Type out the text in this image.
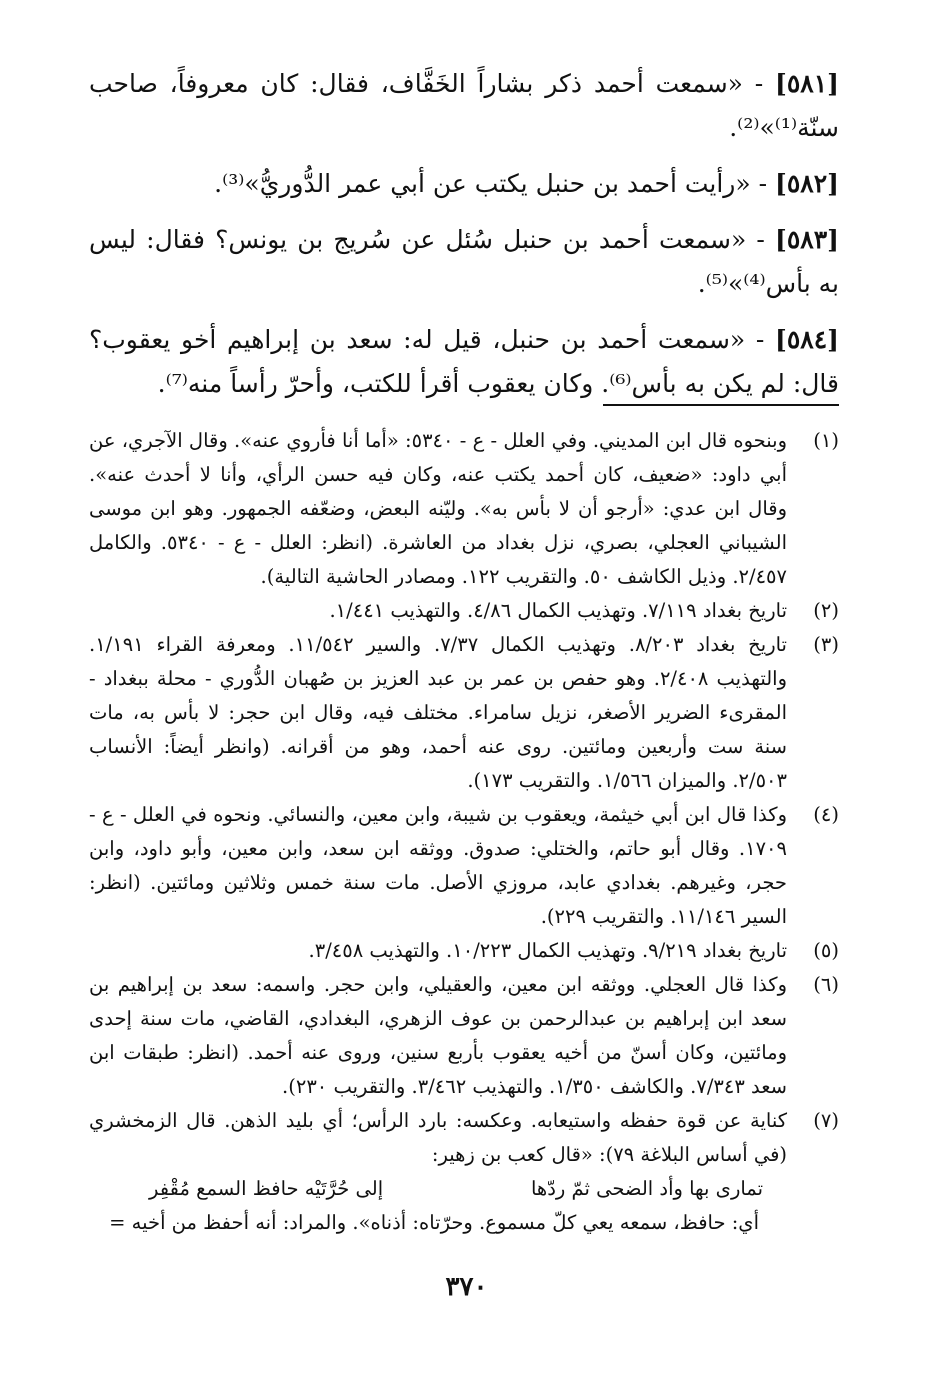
[٥٨١] - «سمعت أحمد ذكر بشاراً الخَفَّاف، فقال: كان معروفاً، صاحب سنّة⁽¹⁾»⁽²⁾.

[٥٨٢] - «رأيت أحمد بن حنبل يكتب عن أبي عمر الدُّوريُّ»⁽³⁾.

[٥٨٣] - «سمعت أحمد بن حنبل سُئل عن سُريج بن يونس؟ فقال: ليس به بأس⁽⁴⁾»⁽⁵⁾.

[٥٨٤] - «سمعت أحمد بن حنبل، قيل له: سعد بن إبراهيم أخو يعقوب؟ قال: لم يكن به بأس⁽⁶⁾. وكان يعقوب أقرأ للكتب، وأحرّ رأساً منه⁽⁷⁾.

(١)
وبنحوه قال ابن المديني. وفي العلل - ع - ٥٣٤٠: «أما أنا فأروي عنه». وقال الآجري، عن أبي داود: «ضعيف، كان أحمد يكتب عنه، وكان فيه حسن الرأي، وأنا لا أحدث عنه». وقال ابن عدي: «أرجو أن لا بأس به». وليّنه البعض، وضعّفه الجمهور. وهو ابن موسى الشيباني العجلي، بصري، نزل بغداد من العاشرة. (انظر: العلل - ع - ٥٣٤٠. والكامل ٢/٤٥٧. وذيل الكاشف ٥٠. والتقريب ١٢٢. ومصادر الحاشية التالية).

(٢)
تاريخ بغداد ٧/١١٩. وتهذيب الكمال ٤/٨٦. والتهذيب ١/٤٤١.

(٣)
تاريخ بغداد ٨/٢٠٣. وتهذيب الكمال ٧/٣٧. والسير ١١/٥٤٢. ومعرفة القراء ١/١٩١. والتهذيب ٢/٤٠٨. وهو حفص بن عمر بن عبد العزيز بن صُهبان الدُّوري - محلة ببغداد - المقرىء الضرير الأصغر، نزيل سامراء. مختلف فيه، وقال ابن حجر: لا بأس به، مات سنة ست وأربعين ومائتين. روى عنه أحمد، وهو من أقرانه. (وانظر أيضاً: الأنساب ٢/٥٠٣. والميزان ١/٥٦٦. والتقريب ١٧٣).

(٤)
وكذا قال ابن أبي خيثمة، ويعقوب بن شيبة، وابن معين، والنسائي. ونحوه في العلل - ع - ١٧٠٩. وقال أبو حاتم، والختلي: صدوق. ووثقه ابن سعد، وابن معين، وأبو داود، وابن حجر، وغيرهم. بغدادي عابد، مروزي الأصل. مات سنة خمس وثلاثين ومائتين. (انظر: السير ١١/١٤٦. والتقريب ٢٢٩).

(٥)
تاريخ بغداد ٩/٢١٩. وتهذيب الكمال ١٠/٢٢٣. والتهذيب ٣/٤٥٨.

(٦)
وكذا قال العجلي. ووثقه ابن معين، والعقيلي، وابن حجر. واسمه: سعد بن إبراهيم بن سعد ابن إبراهيم بن عبدالرحمن بن عوف الزهري، البغدادي، القاضي، مات سنة إحدى ومائتين، وكان أسنّ من أخيه يعقوب بأربع سنين، وروى عنه أحمد. (انظر: طبقات ابن سعد ٧/٣٤٣. والكاشف ١/٣٥٠. والتهذيب ٣/٤٦٢. والتقريب ٢٣٠).

(٧)
كناية عن قوة حفظه واستيعابه. وعكسه: بارد الرأس؛ أي بليد الذهن. قال الزمخشري (في أساس البلاغة ٧٩): «قال كعب بن زهير:
تمارى بها وأد الضحى ثمّ ردّها
إلى حُرَّتَيْه حافظ السمع مُقْفِر
أي: حافظ، سمعه يعي كلّ مسموع. وحرّتاه: أذناه». والمراد: أنه أحفظ من أخيه =
٣٧٠
